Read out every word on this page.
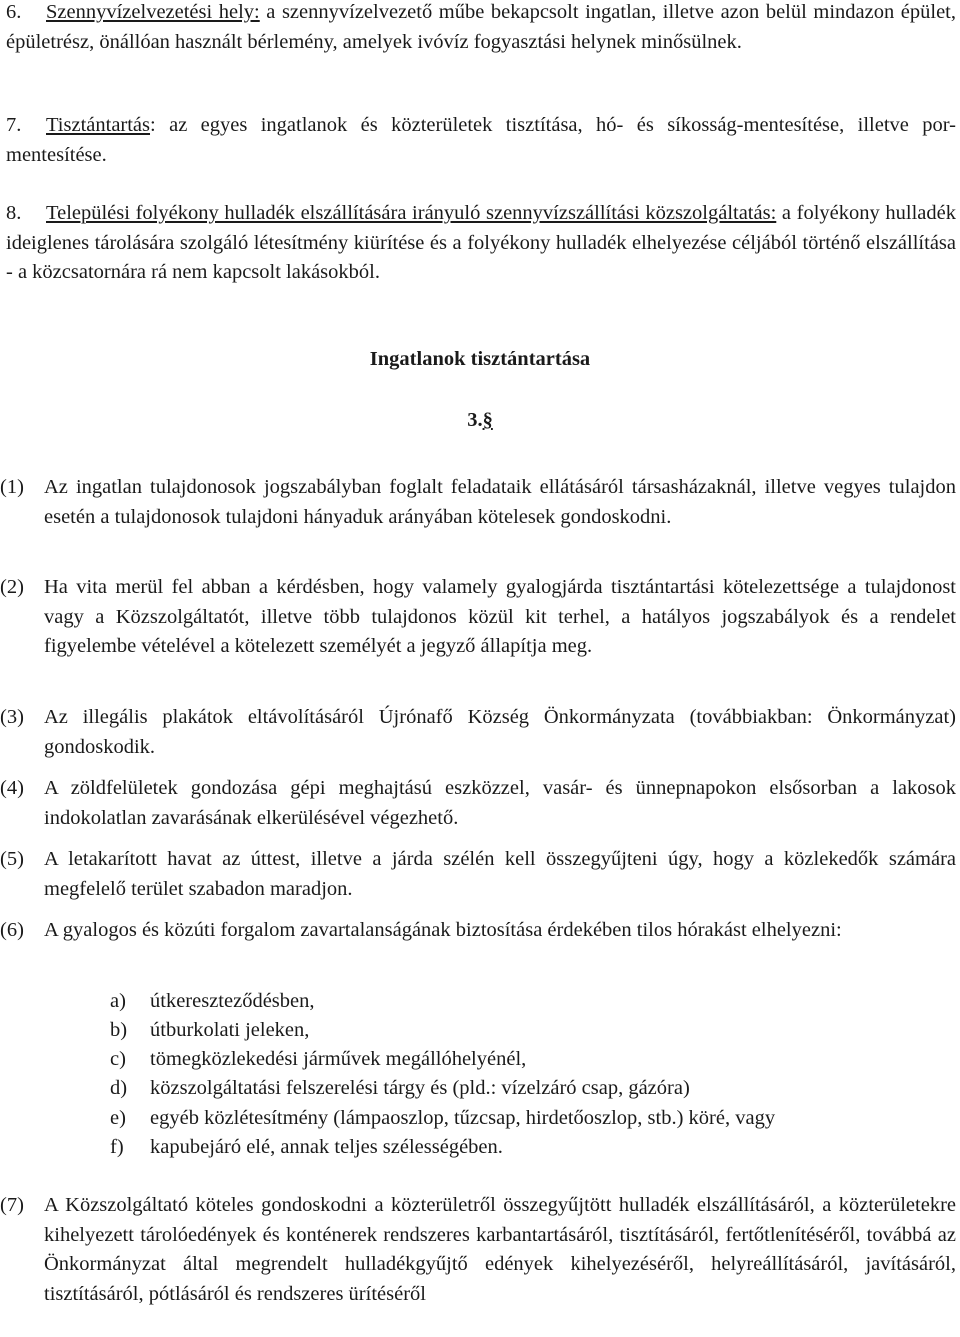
6. Szennyvízelvezetési hely: a szennyvízelvezető műbe bekapcsolt ingatlan, illetve azon belül mindazon épület, épületrész, önállóan használt bérlemény, amelyek ivóvíz fogyasztási helynek minősülnek.
7. Tisztántartás: az egyes ingatlanok és közterületek tisztítása, hó- és síkosság-mentesítése, illetve por-mentesítése.
8. Települési folyékony hulladék elszállítására irányuló szennyvízszállítási közszolgáltatás: a folyékony hulladék ideiglenes tárolására szolgáló létesítmény kiürítése és a folyékony hulladék elhelyezése céljából történő elszállítása - a közcsatornára rá nem kapcsolt lakásokból.
Ingatlanok tisztántartása
3.§
(1) Az ingatlan tulajdonosok jogszabályban foglalt feladataik ellátásáról társasházaknál, illetve vegyes tulajdon esetén a tulajdonosok tulajdoni hányaduk arányában kötelesek gondoskodni.
(2) Ha vita merül fel abban a kérdésben, hogy valamely gyalogjárda tisztántartási kötelezettsége a tulajdonost vagy a Közszolgáltatót, illetve több tulajdonos közül kit terhel, a hatályos jogszabályok és a rendelet figyelembe vételével a kötelezett személyét a jegyző állapítja meg.
(3) Az illegális plakátok eltávolításáról Újrónafő Község Önkormányzata (továbbiakban: Önkormányzat) gondoskodik.
(4) A zöldfelületek gondozása gépi meghajtású eszközzel, vasár- és ünnepnapokon elsősorban a lakosok indokolatlan zavarásának elkerülésével végezhető.
(5) A letakarított havat az úttest, illetve a járda szélén kell összegyűjteni úgy, hogy a közlekedők számára megfelelő terület szabadon maradjon.
(6) A gyalogos és közúti forgalom zavartalanságának biztosítása érdekében tilos hórakást elhelyezni:
a) útkereszteződésben,
b) útburkolati jeleken,
c) tömegközlekedési járművek megállóhelyénél,
d) közszolgáltatási felszerelési tárgy és (pld.: vízelzáró csap, gázóra)
e) egyéb közlétesítmény (lámpaoszlop, tűzcsap, hirdetőoszlop, stb.) köré, vagy
f) kapubejáró elé, annak teljes szélességében.
(7) A Közszolgáltató köteles gondoskodni a közterületről összegyűjtött hulladék elszállításáról, a közterületekre kihelyezett tárolóedények és konténerek rendszeres karbantartásáról, tisztításáról, fertőtlenítéséről, továbbá az Önkormányzat által megrendelt hulladékgyűjtő edények kihelyezéséről, helyreállításáról, javításáról, tisztításáról, pótlásáról és rendszeres ürítéséről
